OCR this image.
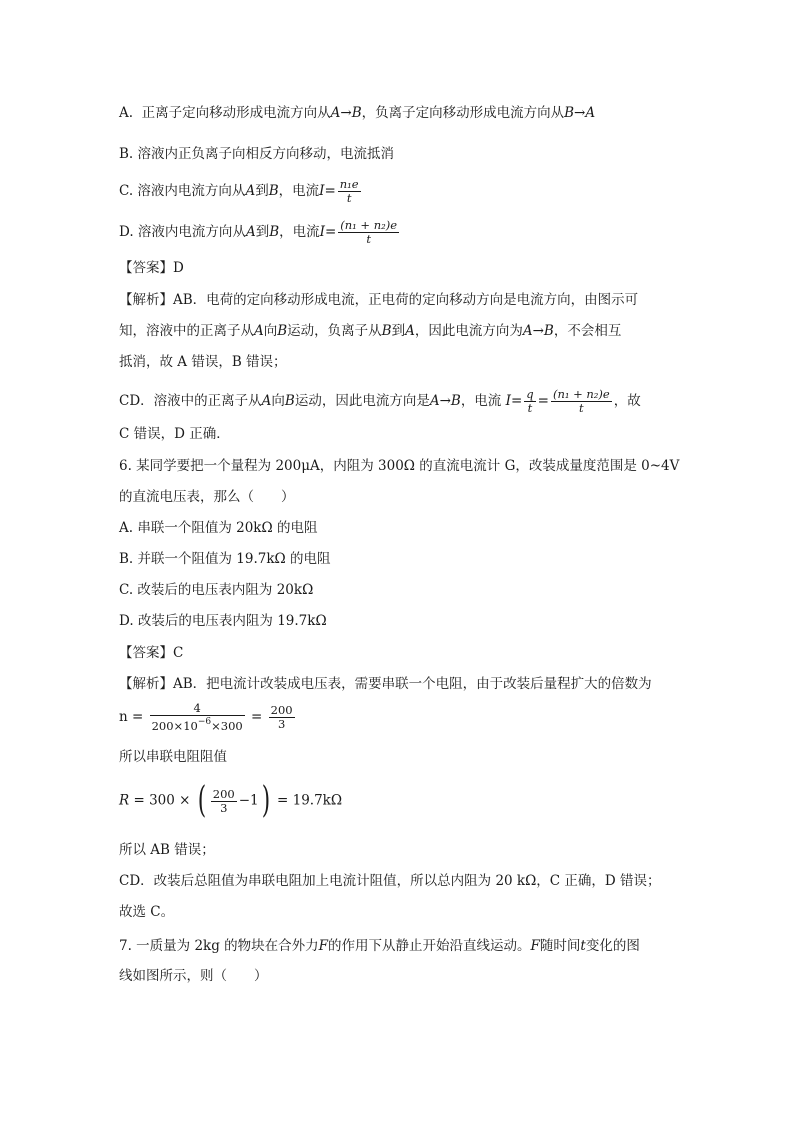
A. 正离子定向移动形成电流方向从A→B，负离子定向移动形成电流方向从B→A
B. 溶液内正负离子向相反方向移动，电流抵消
C. 溶液内电流方向从A到B，电流$I= \frac{\text{n₁e}}{t}$
D. 溶液内电流方向从A到B，电流$I= \frac{\text{(n₁ + n₂)e}}{t}$
【答案】D
【解析】AB．电荷的定向移动形成电流，正电荷的定向移动方向是电流方向，由图示可
知，溶液中的正离子从A向B运动，负离子从B到A，因此电流方向为A→B，不会相互
抵消，故 A 错误，B 错误；
CD．溶液中的正离子从A向B运动，因此电流方向是A→B，电流 $I= \frac{q}{t} = \frac{\text{(n₁ + n₂)e}}{t}$ ，故
C 错误，D 正确．
6. 某同学要把一个量程为 200μA，内阻为 300Ω 的直流电流计 G，改装成量度范围是 0~4V
的直流电压表，那么（　　）
A. 串联一个阻值为 20kΩ 的电阻
B. 并联一个阻值为 19.7kΩ 的电阻
C. 改装后的电压表内阻为 20kΩ
D. 改装后的电压表内阻为 19.7kΩ
【答案】C
【解析】AB．把电流计改装成电压表，需要串联一个电阻，由于改装后量程扩大的倍数为
$n = \frac{4}{200\times 10^{-6}\times 300} = \frac{200}{3}$
所以串联电阻阻值
R = 300 × ( $\frac{200}{3} -1) = 19.7k\Omega$
所以 AB 错误；
CD．改装后总阻值为串联电阻加上电流计阻值，所以总内阻为 20 kΩ，C 正确，D 错误；
故选 C。
7. 一质量为 2kg 的物块在合外力F的作用下从静止开始沿直线运动。F随时间t变化的图
线如图所示，则（　　）
